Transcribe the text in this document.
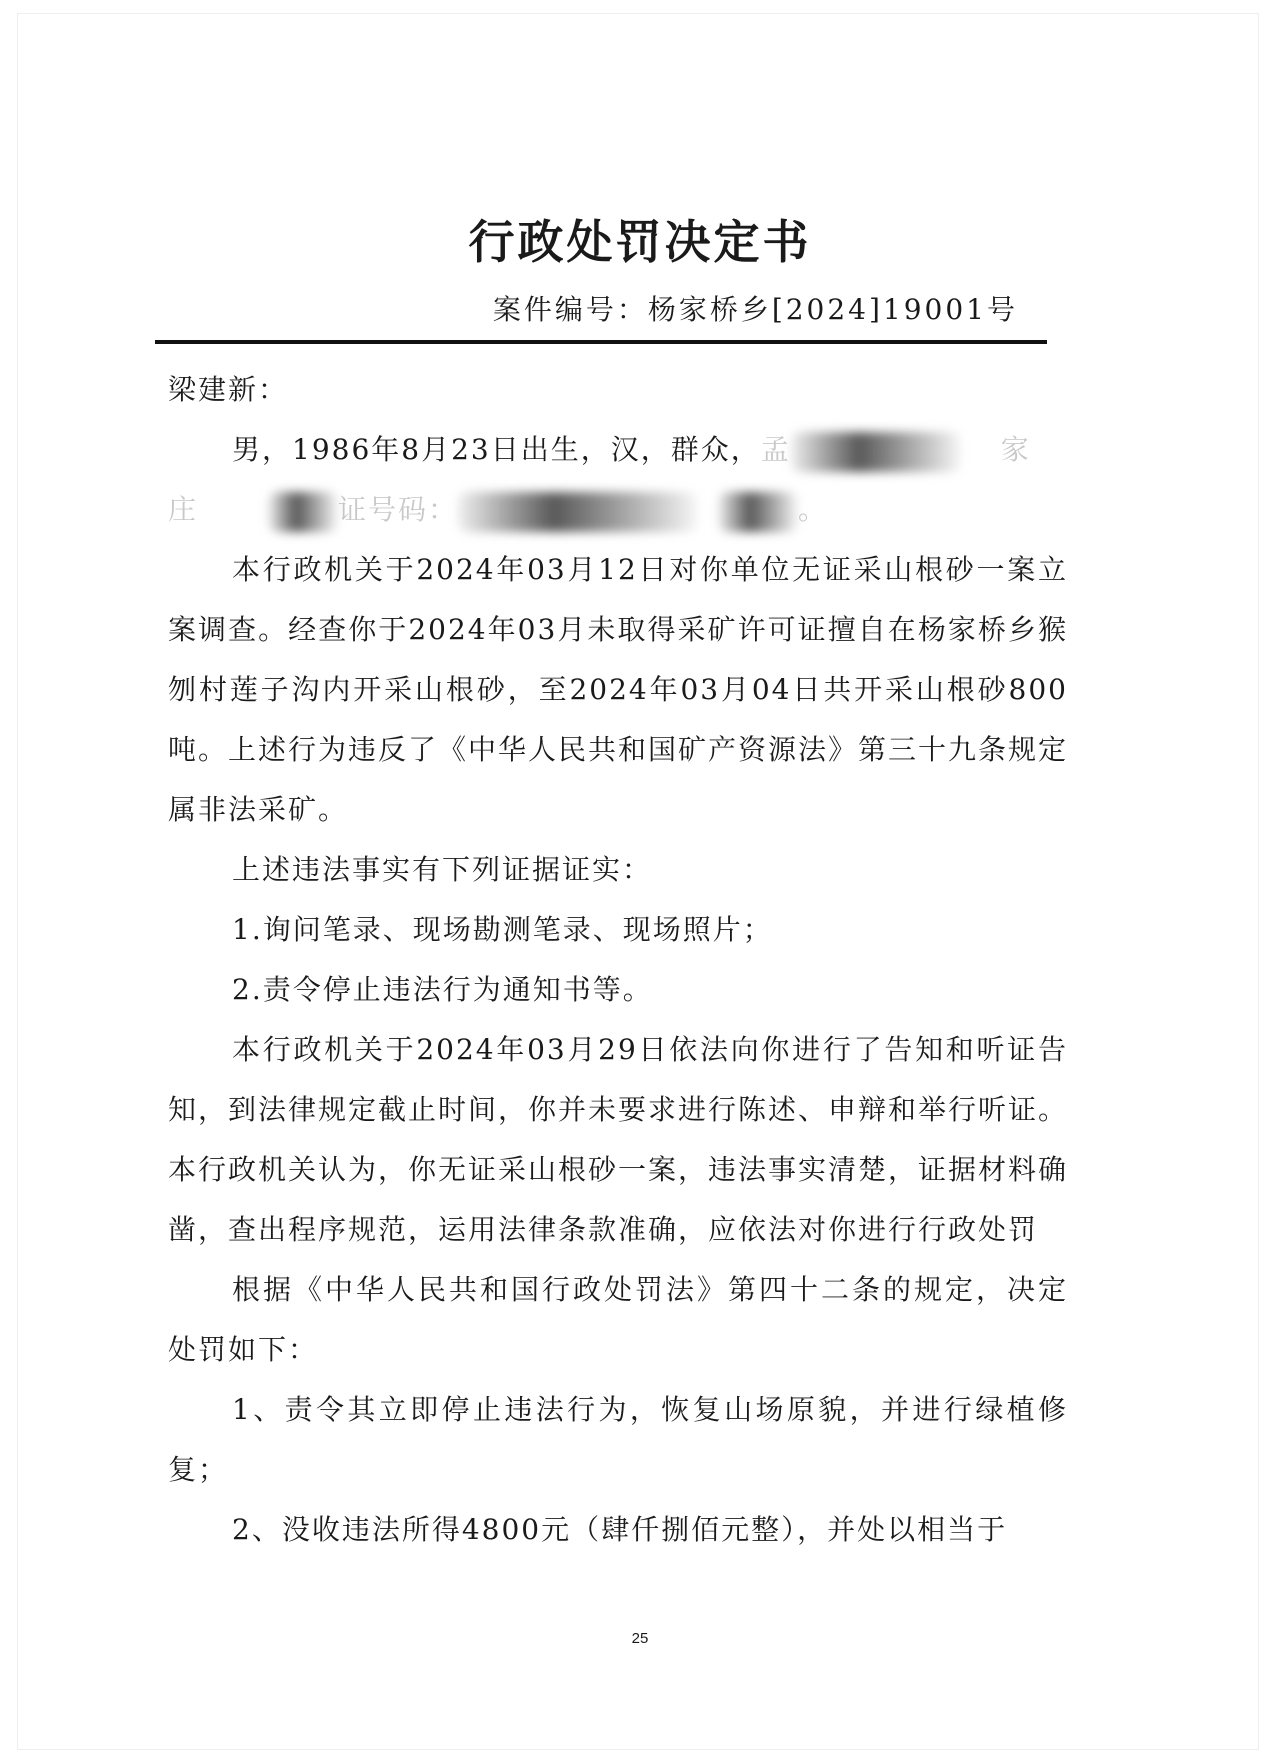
行政处罚决定书
案件编号：杨家桥乡[2024]19001号

梁建新：

男，1986年8月23日出生，汉，群众，孟	家

庄	证号码：	。

本行政机关于2024年03月12日对你单位无证采山根砂一案立案调查。经查你于2024年03月未取得采矿许可证擅自在杨家桥乡猴刎村莲子沟内开采山根砂，至2024年03月04日共开采山根砂800吨。上述行为违反了《中华人民共和国矿产资源法》第三十九条规定属非法采矿。

上述违法事实有下列证据证实：

1.询问笔录、现场勘测笔录、现场照片；

2.责令停止违法行为通知书等。

本行政机关于2024年03月29日依法向你进行了告知和听证告知，到法律规定截止时间，你并未要求进行陈述、申辩和举行听证。本行政机关认为，你无证采山根砂一案，违法事实清楚，证据材料确凿，查出程序规范，运用法律条款准确，应依法对你进行行政处罚

根据《中华人民共和国行政处罚法》第四十二条的规定，决定处罚如下：

1、责令其立即停止违法行为，恢复山场原貌，并进行绿植修复；

2、没收违法所得4800元（肆仟捌佰元整），并处以相当于

25
